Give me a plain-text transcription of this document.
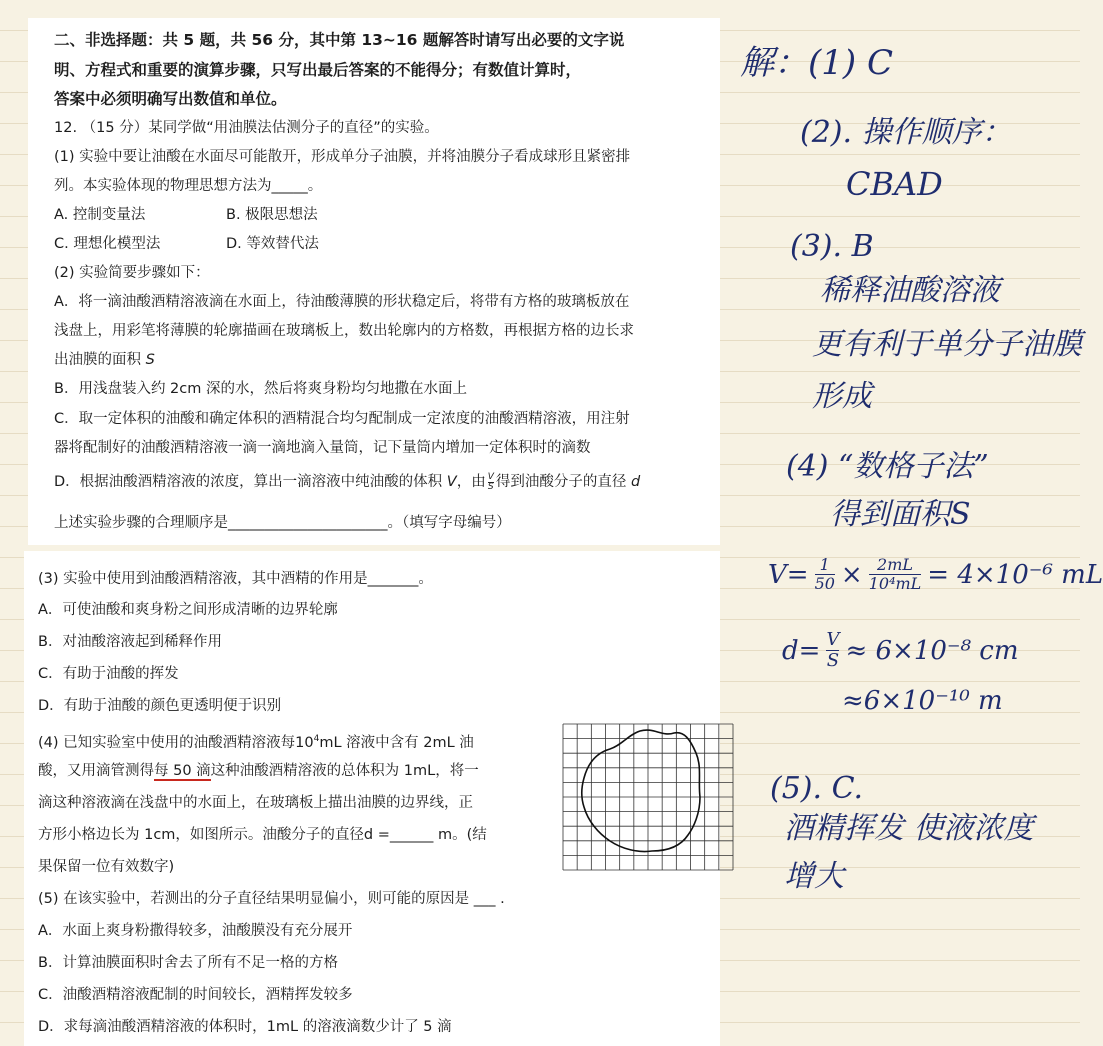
二、非选择题：共 5 题，共 56 分，其中第 13~16 题解答时请写出必要的文字说
明、方程式和重要的演算步骤，只写出最后答案的不能得分；有数值计算时，
答案中必须明确写出数值和单位。
12. （15 分）某同学做“用油膜法估测分子的直径”的实验。
(1) 实验中要让油酸在水面尽可能散开，形成单分子油膜，并将油膜分子看成球形且紧密排
列。本实验体现的物理思想方法为_____。
A. 控制变量法	B. 极限思想法
C. 理想化模型法	D. 等效替代法
(2) 实验简要步骤如下：
A．将一滴油酸酒精溶液滴在水面上，待油酸薄膜的形状稳定后，将带有方格的玻璃板放在
浅盘上，用彩笔将薄膜的轮廓描画在玻璃板上，数出轮廓内的方格数，再根据方格的边长求
出油膜的面积 S
B．用浅盘装入约 2cm 深的水，然后将爽身粉均匀地撒在水面上
C．取一定体积的油酸和确定体积的酒精混合均匀配制成一定浓度的油酸酒精溶液，用注射
器将配制好的油酸酒精溶液一滴一滴地滴入量筒，记下量筒内增加一定体积时的滴数
D．根据油酸酒精溶液的浓度，算出一滴溶液中纯油酸的体积 V，由 $\frac{V}{S}$ 得到油酸分子的直径 d
上述实验步骤的合理顺序是______________________。（填写字母编号）
(3) 实验中使用到油酸酒精溶液，其中酒精的作用是_______。
A．可使油酸和爽身粉之间形成清晰的边界轮廓
B．对油酸溶液起到稀释作用
C．有助于油酸的挥发
D．有助于油酸的颜色更透明便于识别
(4) 已知实验室中使用的油酸酒精溶液每$10^4mL$ 溶液中含有 2mL 油
酸，又用滴管测得每 50 滴这种油酸酒精溶液的总体积为 1mL，将一
滴这种溶液滴在浅盘中的水面上，在玻璃板上描出油膜的边界线，正
方形小格边长为 1cm，如图所示。油酸分子的直径d =______ m。(结
果保留一位有效数字)
(5) 在该实验中，若测出的分子直径结果明显偏小，则可能的原因是 ___ .
A．水面上爽身粉撒得较多，油酸膜没有充分展开
B．计算油膜面积时舍去了所有不足一格的方格
C．油酸酒精溶液配制的时间较长，酒精挥发较多
D．求每滴油酸酒精溶液的体积时，1mL 的溶液滴数少计了 5 滴
解：(1) C
(2). 操作顺序：
CBAD
(3). B
稀释油酸溶液
更有利于单分子油膜
形成
(4) “数格子法”
得到面积S
$V= \frac{1}{50} \times \frac{2mL}{\text{10⁴mL}} = 4\times 10^{-6}$ mL
$d= \frac{V}{S} \approx 6\times 10^{-8}$ cm
≈6×10⁻¹⁰ m
(5). C.
酒精挥发 使液浓度
增大
